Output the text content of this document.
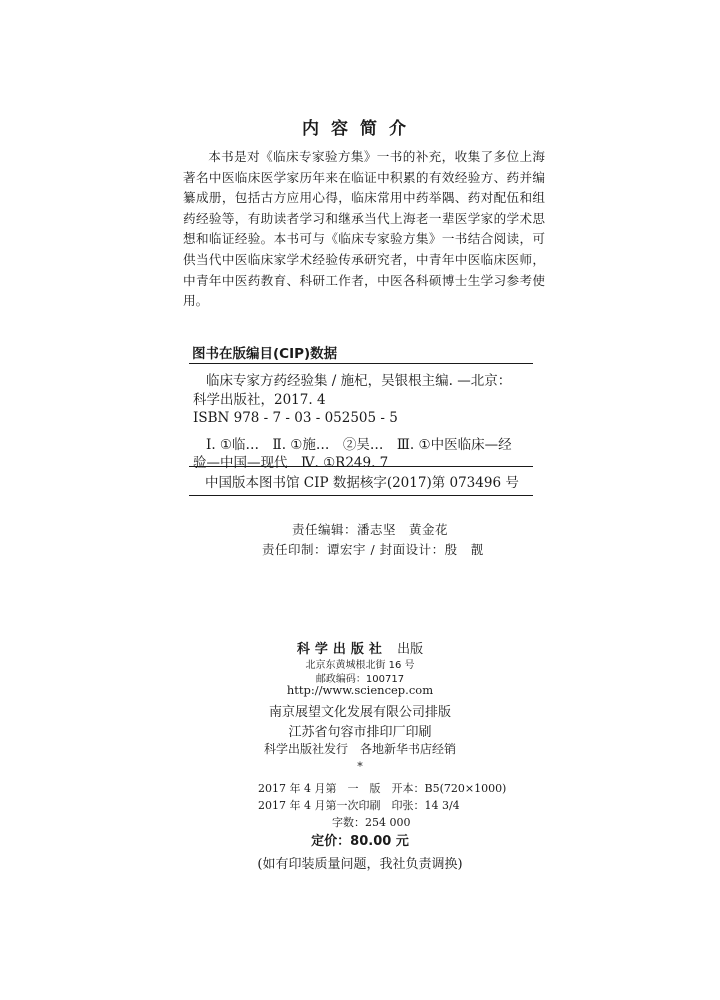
内容简介

本书是对《临床专家验方集》一书的补充，收集了多位上海著名中医临床医学家历年来在临证中积累的有效经验方、药并编纂成册，包括古方应用心得，临床常用中药举隅、药对配伍和组药经验等，有助读者学习和继承当代上海老一辈医学家的学术思想和临证经验。本书可与《临床专家验方集》一书结合阅读，可供当代中医临床家学术经验传承研究者，中青年中医临床医师，中青年中医药教育、科研工作者，中医各科硕博士生学习参考使用。

图书在版编目(CIP)数据
临床专家方药经验集 / 施杞，吴银根主编. —北京：
科学出版社，2017. 4
ISBN 978 - 7 - 03 - 052505 - 5
Ⅰ. ①临…　Ⅱ. ①施…　②吴…　Ⅲ. ①中医临床—经
验—中国—现代　Ⅳ. ①R249. 7
中国版本图书馆 CIP 数据核字(2017)第 073496 号
责任编辑：潘志坚　黄金花
责任印制：谭宏宇 / 封面设计：殷　靓
科学出版社 出版
北京东黄城根北街 16 号
邮政编码：100717
http://www.sciencep.com
南京展望文化发展有限公司排版
江苏省句容市排印厂印刷
科学出版社发行　各地新华书店经销
*
2017 年 4 月第　一　版　开本：B5(720×1000)
2017 年 4 月第一次印刷　印张：14 3/4
字数：254 000
定价：80.00 元
(如有印装质量问题，我社负责调换)
